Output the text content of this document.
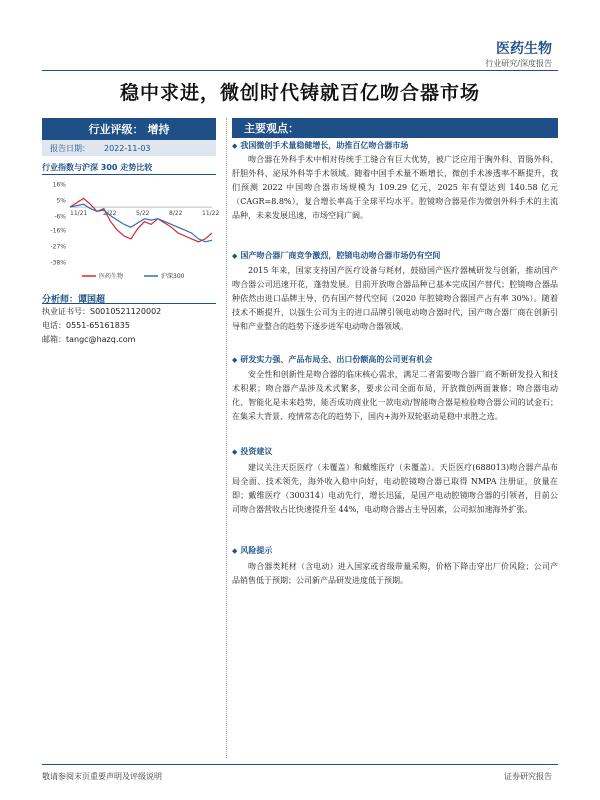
医药生物
行业研究/深度报告
稳中求进，微创时代铸就百亿吻合器市场
行业评级： 增持
报告日期： 2022-11-03
行业指数与沪深 300 走势比较
16%
5%
-6%
-16%
-27%
-38%
11/21	2/22	5/22	8/22	11/22
医药生物	沪深300
分析师：谭国超
执业证书号：S0010521120002
电话：0551-65161835
邮箱：tangc@hazq.com
主要观点：
◆ 我国微创手术量稳健增长，助推百亿吻合器市场

吻合器在外科手术中相对传统手工缝合有巨大优势，被广泛应用于胸外科、胃肠外科、肝胆外科、泌尿外科等手术领域。随着中国手术量不断增长，微创手术渗透率不断提升，我们预测 2022 中国吻合器市场规模为 109.29 亿元，2025 年有望达到 140.58 亿元（CAGR=8.8%），复合增长率高于全球平均水平。腔镜吻合器是作为微创外科手术的主流品种，未来发展迅速，市场空间广阔。

◆ 国产吻合器厂商竞争激烈，腔镜电动吻合器市场仍有空间

2015 年来，国家支持国产医疗设备与耗材，鼓励国产医疗器械研发与创新，推动国产吻合器公司迅速开花，蓬勃发展。目前开放吻合器品种已基本完成国产替代；腔镜吻合器品种依然由进口品牌主导，仍有国产替代空间（2020 年腔镜吻合器国产占有率 30%）。随着技术不断提升，以强生公司为主的进口品牌引领电动吻合器时代，国产吻合器厂商在创新引导和产业整合的趋势下逐步进军电动吻合器领域。

◆ 研发实力强、产品布局全、出口份额高的公司更有机会

安全性和创新性是吻合器的临床核心需求，满足二者需要吻合器厂商不断研发投入和技术积累；吻合器产品涉及术式繁多，要求公司全面布局，开放微创两面兼修；吻合器电动化、智能化是未来趋势，能否成功商业化一款电动/智能吻合器是检验吻合器公司的试金石；在集采大背景、疫情常态化的趋势下，国内+海外双轮驱动是稳中求胜之选。

◆ 投资建议

建议关注天臣医疗（未覆盖）和戴维医疗（未覆盖）。天臣医疗(688013)吻合器产品布局全面、技术领先，海外收入稳中向好，电动腔镜吻合器已取得 NMPA 注册证，放量在即；戴维医疗（300314）电动先行，增长迅猛，是国产电动腔镜吻合器的引领者，目前公司吻合器营收占比快速提升至 44%，电动吻合器占主导因素，公司拟加速海外扩张。

◆ 风险提示

吻合器类耗材（含电动）进入国家或省级带量采购，价格下降击穿出厂价风险；公司产品销售低于预期；公司新产品研发进度低于预期。

敬请参阅末页重要声明及评级说明	证券研究报告
